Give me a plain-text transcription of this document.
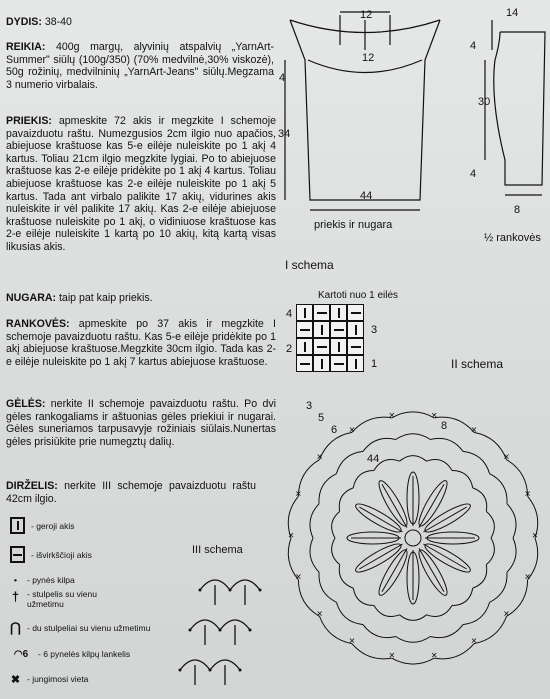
DYDIS: 38-40
REIKIA: 400g margų, alyvinių atspalvių „YarnArt-Summer" siūlų (100g/350) (70% medvilnė,30% viskozė), 50g rožinių, medvilninių „YarnArt-Jeans" siūlų.Megzama 3 numerio virbalais.
PRIEKIS: apmeskite 72 akis ir megzkite I schemoje pavaizduotu raštu. Numezgusios 2cm ilgio nuo apačios, abiejuose kraštuose kas 5-e eilėje nuleiskite po 1 akį 4 kartus. Toliau 21cm ilgio megzkite lygiai. Po to abiejuose kraštuose kas 2-e eilėje pridėkite po 1 akį 4 kartus. Toliau abiejuose kraštuose kas 2-e eilėje nuleiskite po 1 akį 5 kartus. Tada ant virbalo palikite 17 akių, vidurines akis nuleiskite ir vėl palikite 17 akių. Kas 2-e eilėje abiejuose kraštuose nuleiskite po 1 akį, o vidiniuose kraštuose kas 2-e eilėje nuleiskite 1 kartą po 10 akių, kitą kartą visas likusias akis.
NUGARA: taip pat kaip priekis.
RANKOVĖS: apmeskite po 37 akis ir megzkite I schemoje pavaizduotu raštu. Kas 5-e eilėje pridėkite po 1 akį abiejuose kraštuose.Megzkite 30cm ilgio. Tada kas 2-e eilėje nuleiskite po 1 akį 7 kartus abiejuose kraštuose.
GĖLĖS: nerkite II schemoje pavaizduotu raštu. Po dvi gėles rankogaliams ir aštuonias gėles priekiui ir nugarai. Gėles suneriamos tarpusavyje rožiniais siūlais.Nunertas gėles prisiūkite prie numegztų dalių.
DIRŽELIS: nerkite III schemoje pavaizduotu raštu 42cm ilgio.
- geroji akis
- išvirkščioji akis
•	- pynės kilpa
† - stulpelis su vienu užmetimu
⋂ - du stulpeliai su vienu užmetimu
◠6	- 6 pynelės kilpų lankelis
✖ - jungimosi vieta
III schema
12
12
4
34
44
priekis ir nugara
14
4
30
4
8
½ rankovės
I schema
Kartoti nuo 1 eilės
4
3
2
1	II schema
✕
✕
✕
✕
✕
✕
✕
✕
✕
✕
✕
✕
✕
✕	✕
✕
✕
✕
44
3
5
6	8
